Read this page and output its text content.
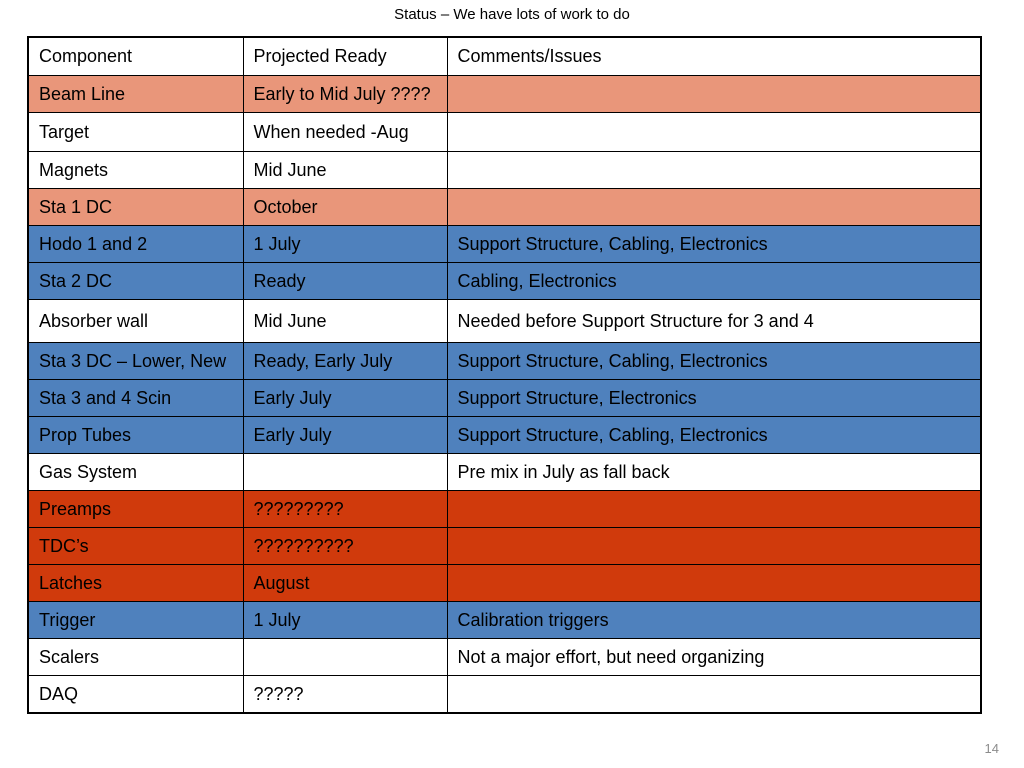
Status – We have lots of work to do
Component	Projected Ready	Comments/Issues
Beam Line	Early to Mid July ????	
Target	When needed -Aug	
Magnets	Mid June	
Sta 1 DC	October	
Hodo 1 and 2	1 July	Support Structure, Cabling, Electronics
Sta 2 DC	Ready	Cabling, Electronics
Absorber wall	Mid June	Needed before Support Structure for 3 and 4
Sta 3 DC – Lower, New	Ready, Early July	Support Structure, Cabling, Electronics
Sta 3 and 4 Scin	Early July	Support Structure, Electronics
Prop Tubes	Early July	Support Structure, Cabling, Electronics
Gas System		Pre mix in July as fall back
Preamps	?????????	
TDC’s	??????????	
Latches	August	
Trigger	1 July	Calibration triggers
Scalers		Not a major effort, but need organizing
DAQ	?????	
14
